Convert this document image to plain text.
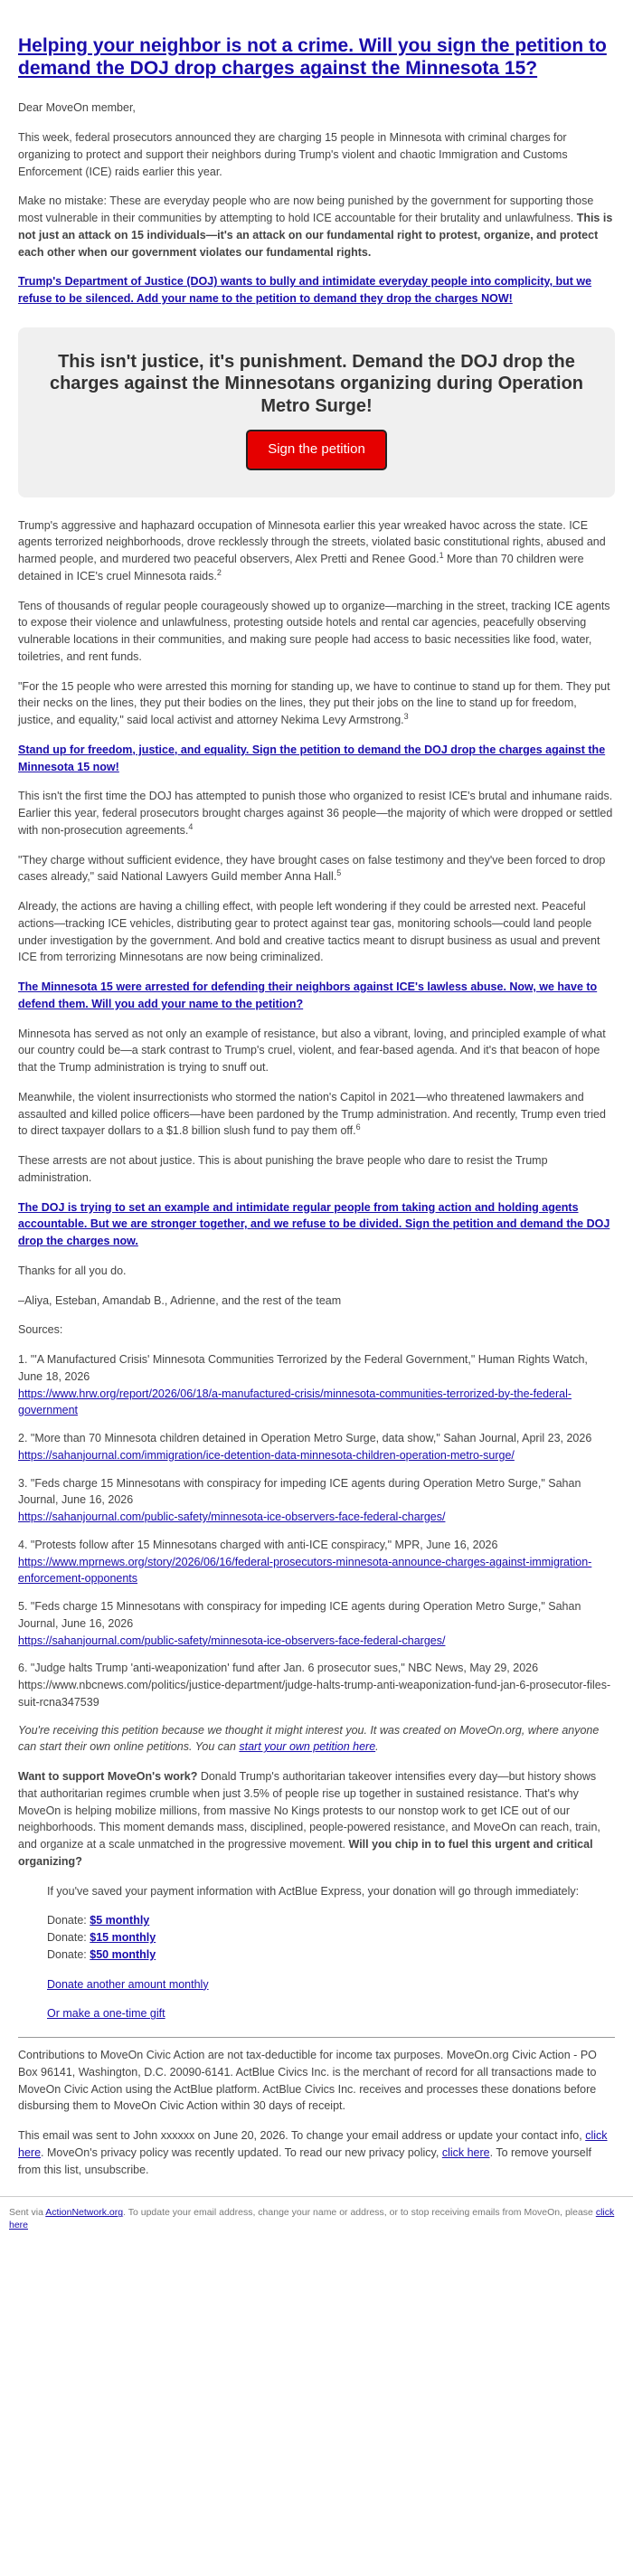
Helping your neighbor is not a crime. Will you sign the petition to demand the DOJ drop charges against the Minnesota 15?

Dear MoveOn member,

This week, federal prosecutors announced they are charging 15 people in Minnesota with criminal charges for organizing to protect and support their neighbors during Trump's violent and chaotic Immigration and Customs Enforcement (ICE) raids earlier this year.

Make no mistake: These are everyday people who are now being punished by the government for supporting those most vulnerable in their communities by attempting to hold ICE accountable for their brutality and unlawfulness. This is not just an attack on 15 individuals—it's an attack on our fundamental right to protest, organize, and protect each other when our government violates our fundamental rights.

Trump's Department of Justice (DOJ) wants to bully and intimidate everyday people into complicity, but we refuse to be silenced. Add your name to the petition to demand they drop the charges NOW!

This isn't justice, it's punishment. Demand the DOJ drop the charges against the Minnesotans organizing during Operation Metro Surge!
Sign the petition

Trump's aggressive and haphazard occupation of Minnesota earlier this year wreaked havoc across the state. ICE agents terrorized neighborhoods, drove recklessly through the streets, violated basic constitutional rights, abused and harmed people, and murdered two peaceful observers, Alex Pretti and Renee Good.$^1$ More than 70 children were detained in ICE's cruel Minnesota raids.$^2$

Tens of thousands of regular people courageously showed up to organize—marching in the street, tracking ICE agents to expose their violence and unlawfulness, protesting outside hotels and rental car agencies, peacefully observing vulnerable locations in their communities, and making sure people had access to basic necessities like food, water, toiletries, and rent funds.

"For the 15 people who were arrested this morning for standing up, we have to continue to stand up for them. They put their necks on the lines, they put their bodies on the lines, they put their jobs on the line to stand up for freedom, justice, and equality," said local activist and attorney Nekima Levy Armstrong.$^3$

Stand up for freedom, justice, and equality. Sign the petition to demand the DOJ drop the charges against the Minnesota 15 now!

This isn't the first time the DOJ has attempted to punish those who organized to resist ICE's brutal and inhumane raids. Earlier this year, federal prosecutors brought charges against 36 people—the majority of which were dropped or settled with non-prosecution agreements.$^4$

"They charge without sufficient evidence, they have brought cases on false testimony and they've been forced to drop cases already," said National Lawyers Guild member Anna Hall.$^5$

Already, the actions are having a chilling effect, with people left wondering if they could be arrested next. Peaceful actions—tracking ICE vehicles, distributing gear to protect against tear gas, monitoring schools—could land people under investigation by the government. And bold and creative tactics meant to disrupt business as usual and prevent ICE from terrorizing Minnesotans are now being criminalized.

The Minnesota 15 were arrested for defending their neighbors against ICE's lawless abuse. Now, we have to defend them. Will you add your name to the petition?

Minnesota has served as not only an example of resistance, but also a vibrant, loving, and principled example of what our country could be—a stark contrast to Trump's cruel, violent, and fear-based agenda. And it's that beacon of hope that the Trump administration is trying to snuff out.

Meanwhile, the violent insurrectionists who stormed the nation's Capitol in 2021—who threatened lawmakers and assaulted and killed police officers—have been pardoned by the Trump administration. And recently, Trump even tried to direct taxpayer dollars to a $1.8 billion slush fund to pay them off.$^6$

These arrests are not about justice. This is about punishing the brave people who dare to resist the Trump administration.

The DOJ is trying to set an example and intimidate regular people from taking action and holding agents accountable. But we are stronger together, and we refuse to be divided. Sign the petition and demand the DOJ drop the charges now.

Thanks for all you do.

–Aliya, Esteban, Amandab B., Adrienne, and the rest of the team

Sources:

1. "'A Manufactured Crisis' Minnesota Communities Terrorized by the Federal Government," Human Rights Watch, June 18, 2026
https://www.hrw.org/report/2026/06/18/a-manufactured-crisis/minnesota-communities-terrorized-by-the-federal-government

2. "More than 70 Minnesota children detained in Operation Metro Surge, data show," Sahan Journal, April 23, 2026
https://sahanjournal.com/immigration/ice-detention-data-minnesota-children-operation-metro-surge/

3. "Feds charge 15 Minnesotans with conspiracy for impeding ICE agents during Operation Metro Surge," Sahan Journal, June 16, 2026
https://sahanjournal.com/public-safety/minnesota-ice-observers-face-federal-charges/

4. "Protests follow after 15 Minnesotans charged with anti-ICE conspiracy," MPR, June 16, 2026
https://www.mprnews.org/story/2026/06/16/federal-prosecutors-minnesota-announce-charges-against-immigration-enforcement-opponents

5. "Feds charge 15 Minnesotans with conspiracy for impeding ICE agents during Operation Metro Surge," Sahan Journal, June 16, 2026
https://sahanjournal.com/public-safety/minnesota-ice-observers-face-federal-charges/

6. "Judge halts Trump 'anti-weaponization' fund after Jan. 6 prosecutor sues," NBC News, May 29, 2026
https://www.nbcnews.com/politics/justice-department/judge-halts-trump-anti-weaponization-fund-jan-6-prosecutor-files-suit-rcna347539

You're receiving this petition because we thought it might interest you. It was created on MoveOn.org, where anyone can start their own online petitions. You can start your own petition here.

Want to support MoveOn's work? Donald Trump's authoritarian takeover intensifies every day—but history shows that authoritarian regimes crumble when just 3.5% of people rise up together in sustained resistance. That's why MoveOn is helping mobilize millions, from massive No Kings protests to our nonstop work to get ICE out of our neighborhoods. This moment demands mass, disciplined, people-powered resistance, and MoveOn can reach, train, and organize at a scale unmatched in the progressive movement. Will you chip in to fuel this urgent and critical organizing?

If you've saved your payment information with ActBlue Express, your donation will go through immediately:

Donate: $5 monthly

Donate: $15 monthly

Donate: $50 monthly

Donate another amount monthly

Or make a one-time gift

Contributions to MoveOn Civic Action are not tax-deductible for income tax purposes. MoveOn.org Civic Action - PO Box 96141, Washington, D.C. 20090-6141. ActBlue Civics Inc. is the merchant of record for all transactions made to MoveOn Civic Action using the ActBlue platform. ActBlue Civics Inc. receives and processes these donations before disbursing them to MoveOn Civic Action within 30 days of receipt.

This email was sent to John xxxxxx on June 20, 2026. To change your email address or update your contact info, click here. MoveOn's privacy policy was recently updated. To read our new privacy policy, click here. To remove yourself from this list, unsubscribe.

Sent via ActionNetwork.org. To update your email address, change your name or address, or to stop receiving emails from MoveOn, please click here
